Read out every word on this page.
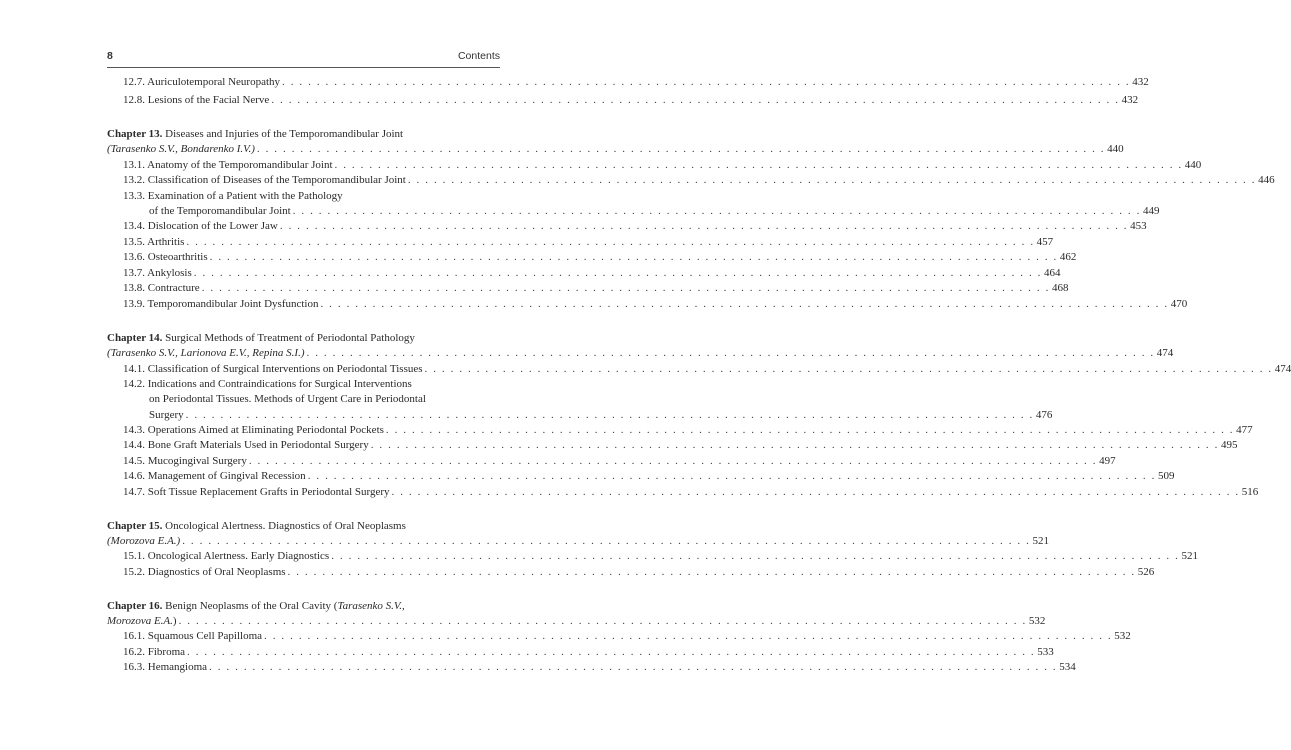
8	Contents
12.7. Auriculotemporal Neuropathy . . . . . . . . . . . . . . . . . . . . . . . . . . . . . . . . . . . . . . . . . . . . . . . . . . . . . . . . . . . . . . . . . . . . . . . . . . . . . . . . . . . . . . . . . . . . . . . . . . 432
12.8. Lesions of the Facial Nerve . . . . . . . . . . . . . . . . . . . . . . . . . . . . . . . . . . . . . . . . . . . . . . . . . . . . . . . . . . . . . . . . . . . . . . . . . . . . . . . . . . . . . . . . . . . . . . . . . . 432
Chapter 13. Diseases and Injuries of the Temporomandibular Joint
(Tarasenko S.V., Bondarenko I.V.) . . . . . . . . . . . . . . . . . . . . . . . . . . . . . . . . . . . . . . . . . . . . . . . . . . . . . . . . . . . . . . . . . . . . . . . . . . . . . . . . . . . . . . . . . . . . . . . . . . 440
13.1. Anatomy of the Temporomandibular Joint . . . . . . . . . . . . . . . . . . . . . . . . . . . . . . . . . . . . . . . . . . . . . . . . . . . . . . . . . . . . . . . . . . . . . . . . . . . . . . . . . . . . . . . . . . . . . . . . . . 440
13.2. Classification of Diseases of the Temporomandibular Joint . . . . . . . . . . . . . . . . . . . . . . . . . . . . . . . . . . . . . . . . . . . . . . . . . . . . . . . . . . . . . . . . . . . . . . . . . . . . . . . . . . . . . . . . . . . . . . . . . . 446
13.3. Examination of a Patient with the Pathology
of the Temporomandibular Joint . . . . . . . . . . . . . . . . . . . . . . . . . . . . . . . . . . . . . . . . . . . . . . . . . . . . . . . . . . . . . . . . . . . . . . . . . . . . . . . . . . . . . . . . . . . . . . . . . . 449
13.4. Dislocation of the Lower Jaw . . . . . . . . . . . . . . . . . . . . . . . . . . . . . . . . . . . . . . . . . . . . . . . . . . . . . . . . . . . . . . . . . . . . . . . . . . . . . . . . . . . . . . . . . . . . . . . . . . 453
13.5. Arthritis . . . . . . . . . . . . . . . . . . . . . . . . . . . . . . . . . . . . . . . . . . . . . . . . . . . . . . . . . . . . . . . . . . . . . . . . . . . . . . . . . . . . . . . . . . . . . . . . . . 457
13.6. Osteoarthritis . . . . . . . . . . . . . . . . . . . . . . . . . . . . . . . . . . . . . . . . . . . . . . . . . . . . . . . . . . . . . . . . . . . . . . . . . . . . . . . . . . . . . . . . . . . . . . . . . . 462
13.7. Ankylosis . . . . . . . . . . . . . . . . . . . . . . . . . . . . . . . . . . . . . . . . . . . . . . . . . . . . . . . . . . . . . . . . . . . . . . . . . . . . . . . . . . . . . . . . . . . . . . . . . . 464
13.8. Contracture . . . . . . . . . . . . . . . . . . . . . . . . . . . . . . . . . . . . . . . . . . . . . . . . . . . . . . . . . . . . . . . . . . . . . . . . . . . . . . . . . . . . . . . . . . . . . . . . . . 468
13.9. Temporomandibular Joint Dysfunction . . . . . . . . . . . . . . . . . . . . . . . . . . . . . . . . . . . . . . . . . . . . . . . . . . . . . . . . . . . . . . . . . . . . . . . . . . . . . . . . . . . . . . . . . . . . . . . . . . 470
Chapter 14. Surgical Methods of Treatment of Periodontal Pathology
(Tarasenko S.V., Larionova E.V., Repina S.I.) . . . . . . . . . . . . . . . . . . . . . . . . . . . . . . . . . . . . . . . . . . . . . . . . . . . . . . . . . . . . . . . . . . . . . . . . . . . . . . . . . . . . . . . . . . . . . . . . . . 474
14.1. Classification of Surgical Interventions on Periodontal Tissues . . . . . . . . . . . . . . . . . . . . . . . . . . . . . . . . . . . . . . . . . . . . . . . . . . . . . . . . . . . . . . . . . . . . . . . . . . . . . . . . . . . . . . . . . . . . . . . . . . 474
14.2. Indications and Contraindications for Surgical Interventions
on Periodontal Tissues. Methods of Urgent Care in Periodontal
Surgery . . . . . . . . . . . . . . . . . . . . . . . . . . . . . . . . . . . . . . . . . . . . . . . . . . . . . . . . . . . . . . . . . . . . . . . . . . . . . . . . . . . . . . . . . . . . . . . . . . 476
14.3. Operations Aimed at Eliminating Periodontal Pockets . . . . . . . . . . . . . . . . . . . . . . . . . . . . . . . . . . . . . . . . . . . . . . . . . . . . . . . . . . . . . . . . . . . . . . . . . . . . . . . . . . . . . . . . . . . . . . . . . . 477
14.4. Bone Graft Materials Used in Periodontal Surgery . . . . . . . . . . . . . . . . . . . . . . . . . . . . . . . . . . . . . . . . . . . . . . . . . . . . . . . . . . . . . . . . . . . . . . . . . . . . . . . . . . . . . . . . . . . . . . . . . . 495
14.5. Mucogingival Surgery . . . . . . . . . . . . . . . . . . . . . . . . . . . . . . . . . . . . . . . . . . . . . . . . . . . . . . . . . . . . . . . . . . . . . . . . . . . . . . . . . . . . . . . . . . . . . . . . . . 497
14.6. Management of Gingival Recession . . . . . . . . . . . . . . . . . . . . . . . . . . . . . . . . . . . . . . . . . . . . . . . . . . . . . . . . . . . . . . . . . . . . . . . . . . . . . . . . . . . . . . . . . . . . . . . . . . 509
14.7. Soft Tissue Replacement Grafts in Periodontal Surgery . . . . . . . . . . . . . . . . . . . . . . . . . . . . . . . . . . . . . . . . . . . . . . . . . . . . . . . . . . . . . . . . . . . . . . . . . . . . . . . . . . . . . . . . . . . . . . . . . . 516
Chapter 15. Oncological Alertness. Diagnostics of Oral Neoplasms
(Morozova E.A.) . . . . . . . . . . . . . . . . . . . . . . . . . . . . . . . . . . . . . . . . . . . . . . . . . . . . . . . . . . . . . . . . . . . . . . . . . . . . . . . . . . . . . . . . . . . . . . . . . . 521
15.1. Oncological Alertness. Early Diagnostics . . . . . . . . . . . . . . . . . . . . . . . . . . . . . . . . . . . . . . . . . . . . . . . . . . . . . . . . . . . . . . . . . . . . . . . . . . . . . . . . . . . . . . . . . . . . . . . . . . 521
15.2. Diagnostics of Oral Neoplasms . . . . . . . . . . . . . . . . . . . . . . . . . . . . . . . . . . . . . . . . . . . . . . . . . . . . . . . . . . . . . . . . . . . . . . . . . . . . . . . . . . . . . . . . . . . . . . . . . . 526
Chapter 16. Benign Neoplasms of the Oral Cavity (Tarasenko S.V.,
Morozova E.A.) . . . . . . . . . . . . . . . . . . . . . . . . . . . . . . . . . . . . . . . . . . . . . . . . . . . . . . . . . . . . . . . . . . . . . . . . . . . . . . . . . . . . . . . . . . . . . . . . . . 532
16.1. Squamous Cell Papilloma . . . . . . . . . . . . . . . . . . . . . . . . . . . . . . . . . . . . . . . . . . . . . . . . . . . . . . . . . . . . . . . . . . . . . . . . . . . . . . . . . . . . . . . . . . . . . . . . . . 532
16.2. Fibroma . . . . . . . . . . . . . . . . . . . . . . . . . . . . . . . . . . . . . . . . . . . . . . . . . . . . . . . . . . . . . . . . . . . . . . . . . . . . . . . . . . . . . . . . . . . . . . . . . . 533
16.3. Hemangioma . . . . . . . . . . . . . . . . . . . . . . . . . . . . . . . . . . . . . . . . . . . . . . . . . . . . . . . . . . . . . . . . . . . . . . . . . . . . . . . . . . . . . . . . . . . . . . . . . . 534
